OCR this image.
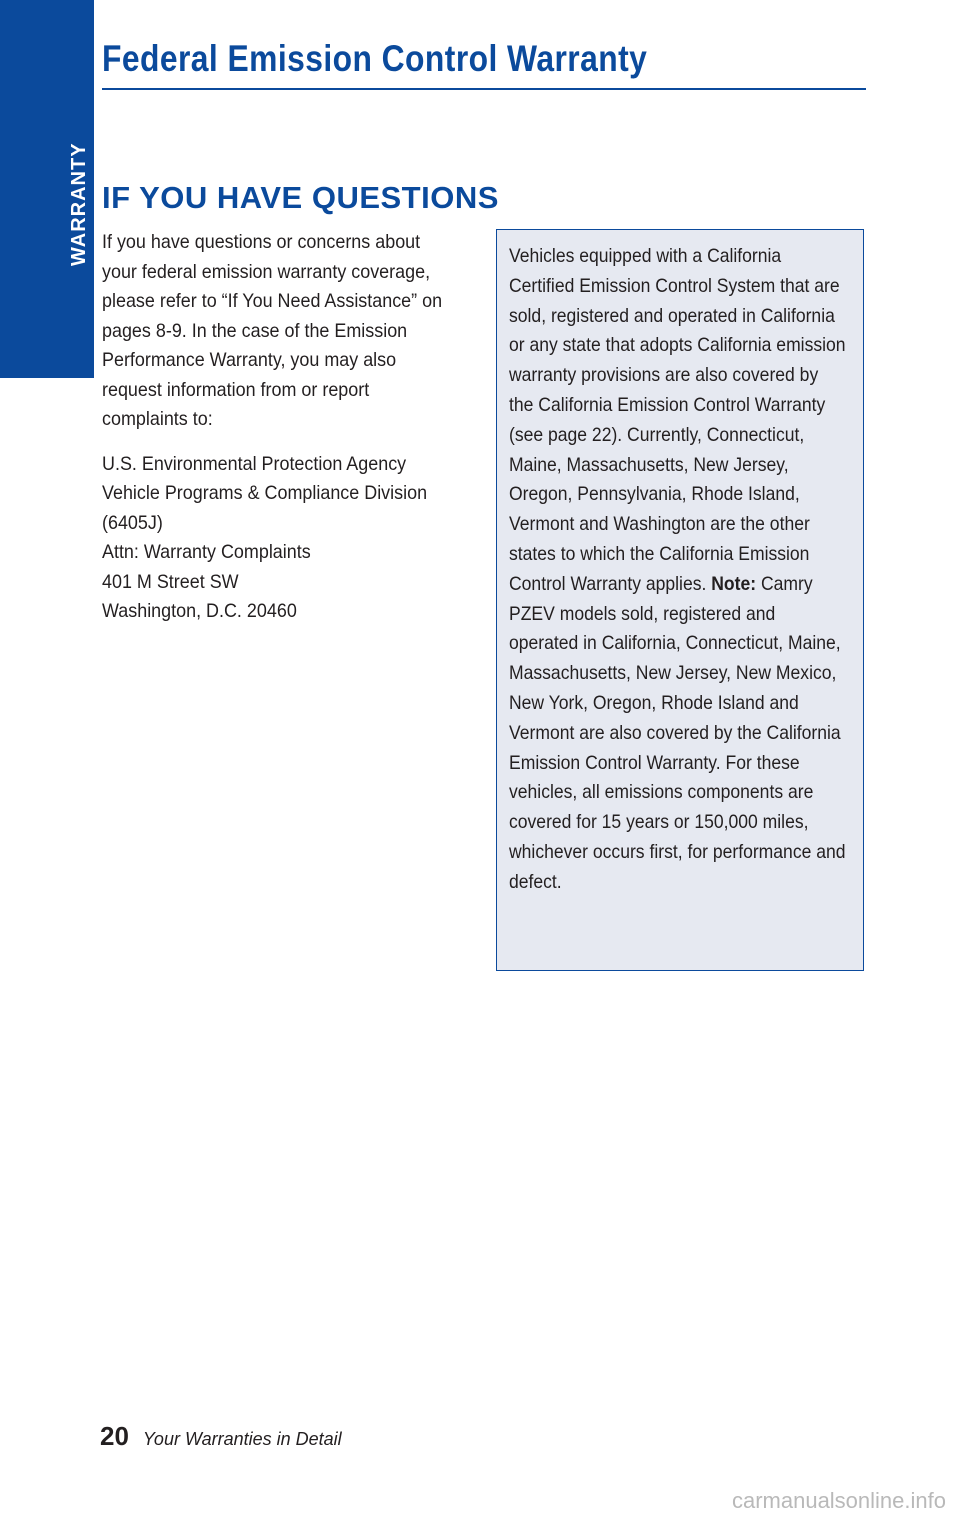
WARRANTY
Federal Emission Control Warranty
IF YOU HAVE QUESTIONS

If you have questions or concerns about your federal emission warranty coverage, please refer to “If You Need Assistance” on pages 8-9. In the case of the Emission Performance Warranty, you may also request information from or report complaints to:

U.S. Environmental Protection Agency
Vehicle Programs & Compliance Division
(6405J)
Attn: Warranty Complaints
401 M Street SW
Washington, D.C. 20460
Vehicles equipped with a California Certified Emission Control System that are sold, registered and operated in California or any state that adopts California emission warranty provisions are also covered by the California Emission Control Warranty (see page 22). Currently, Connecticut, Maine, Massachusetts, New Jersey, Oregon, Pennsylvania, Rhode Island, Vermont and Washington are the other states to which the California Emission Control Warranty applies. Note: Camry PZEV models sold, registered and operated in California, Connecticut, Maine, Massachusetts, New Jersey, New Mexico, New York, Oregon, Rhode Island and Vermont are also covered by the California Emission Control Warranty. For these vehicles, all emissions components are covered for 15 years or 150,000 miles, whichever occurs first, for performance and defect.
20 Your Warranties in Detail
carmanualsonline.info
